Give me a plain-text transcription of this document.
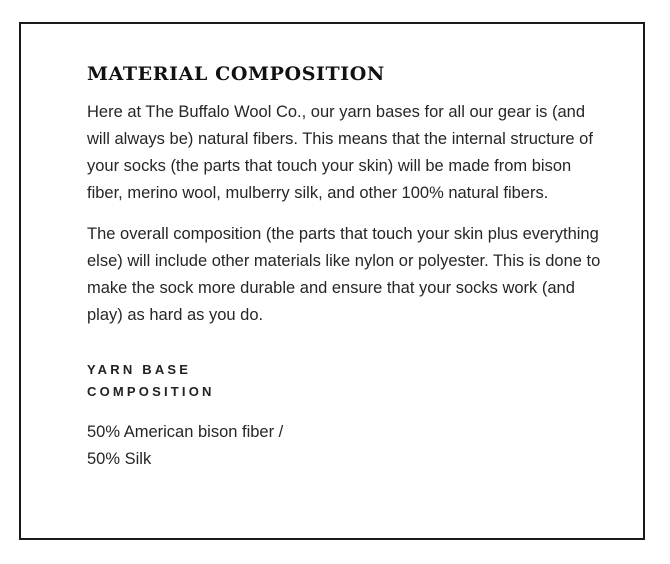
MATERIAL COMPOSITION

Here at The Buffalo Wool Co., our yarn bases for all our gear is (and will always be) natural fibers. This means that the internal structure of your socks (the parts that touch your skin) will be made from bison fiber, merino wool, mulberry silk, and other 100% natural fibers.

The overall composition (the parts that touch your skin plus everything else) will include other materials like nylon or polyester. This is done to make the sock more durable and ensure that your socks work (and play) as hard as you do.

YARN BASE
COMPOSITION
50% American bison fiber /
50% Silk
